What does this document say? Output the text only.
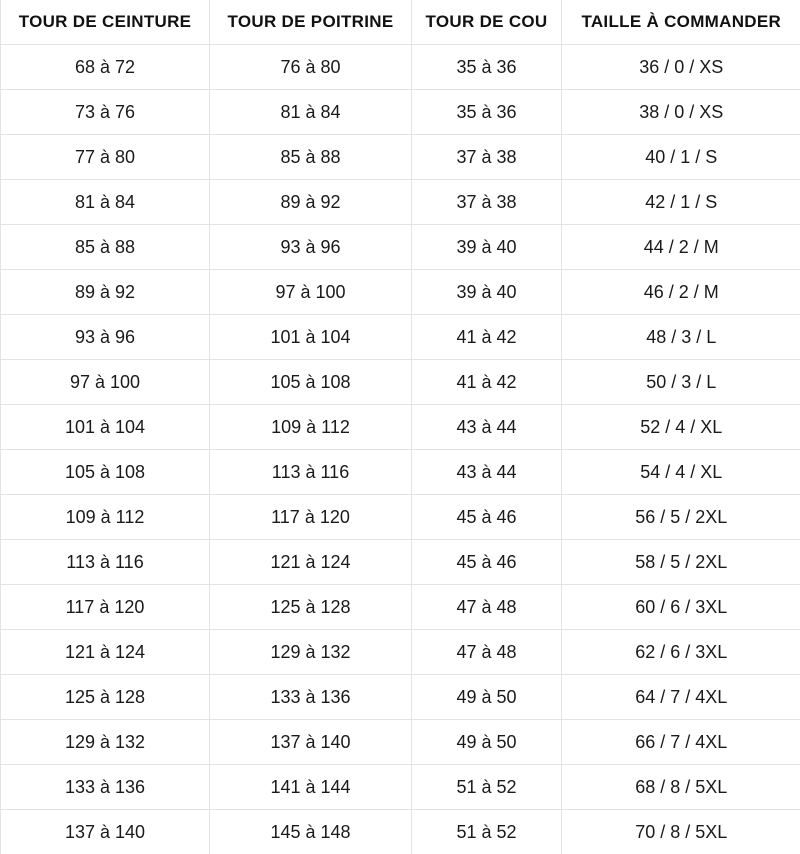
TOUR DE CEINTURE	TOUR DE POITRINE	TOUR DE COU	TAILLE À COMMANDER
68 à 72	76 à 80	35 à 36	36 / 0 / XS
73 à 76	81 à 84	35 à 36	38 / 0 / XS
77 à 80	85 à 88	37 à 38	40 / 1 / S
81 à 84	89 à 92	37 à 38	42 / 1 / S
85 à 88	93 à 96	39 à 40	44 / 2 / M
89 à 92	97 à 100	39 à 40	46 / 2 / M
93 à 96	101 à 104	41 à 42	48 / 3 / L
97 à 100	105 à 108	41 à 42	50 / 3 / L
101 à 104	109 à 112	43 à 44	52 / 4 / XL
105 à 108	113 à 116	43 à 44	54 / 4 / XL
109 à 112	117 à 120	45 à 46	56 / 5 / 2XL
113 à 116	121 à 124	45 à 46	58 / 5 / 2XL
117 à 120	125 à 128	47 à 48	60 / 6 / 3XL
121 à 124	129 à 132	47 à 48	62 / 6 / 3XL
125 à 128	133 à 136	49 à 50	64 / 7 / 4XL
129 à 132	137 à 140	49 à 50	66 / 7 / 4XL
133 à 136	141 à 144	51 à 52	68 / 8 / 5XL
137 à 140	145 à 148	51 à 52	70 / 8 / 5XL
